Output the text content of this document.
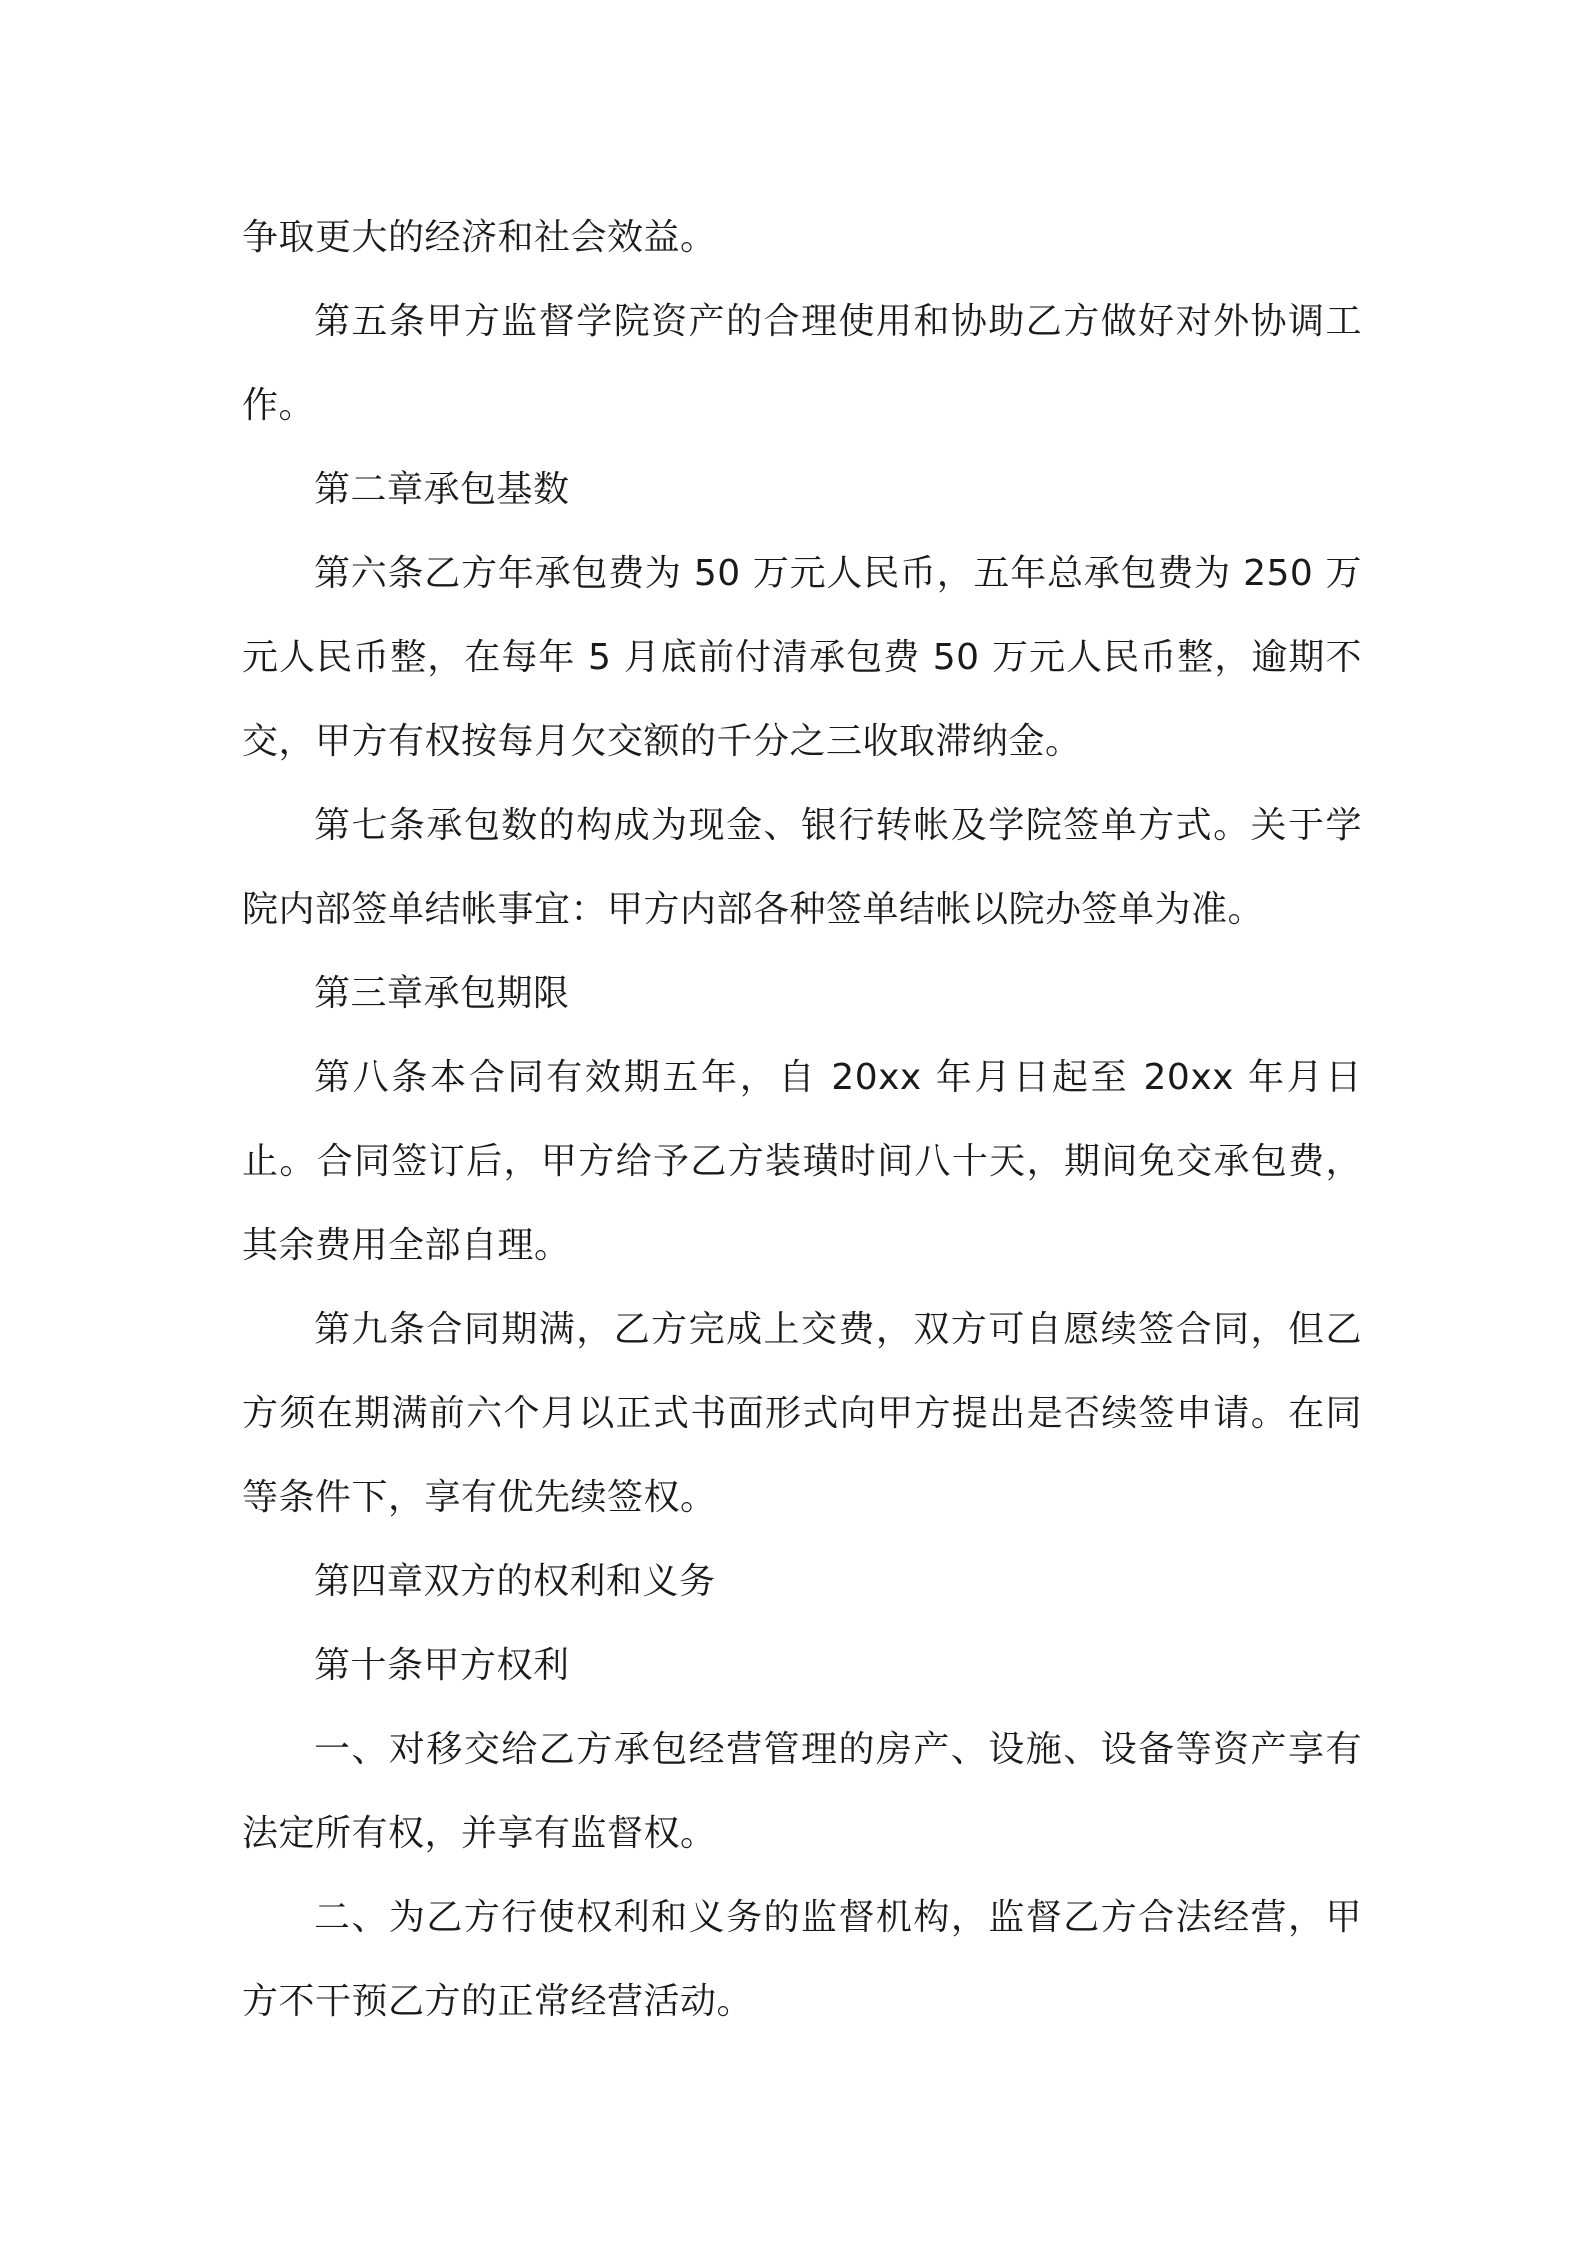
争取更大的经济和社会效益。

第五条甲方监督学院资产的合理使用和协助乙方做好对外协调工作。

第二章承包基数

第六条乙方年承包费为 50 万元人民币，五年总承包费为 250 万元人民币整，在每年 5 月底前付清承包费 50 万元人民币整，逾期不交，甲方有权按每月欠交额的千分之三收取滞纳金。

第七条承包数的构成为现金、银行转帐及学院签单方式。关于学院内部签单结帐事宜：甲方内部各种签单结帐以院办签单为准。

第三章承包期限

第八条本合同有效期五年，自 20xx 年月日起至 20xx 年月日止。合同签订后，甲方给予乙方装璜时间八十天，期间免交承包费，其余费用全部自理。

第九条合同期满，乙方完成上交费，双方可自愿续签合同，但乙方须在期满前六个月以正式书面形式向甲方提出是否续签申请。在同等条件下，享有优先续签权。

第四章双方的权利和义务

第十条甲方权利

一、对移交给乙方承包经营管理的房产、设施、设备等资产享有法定所有权，并享有监督权。

二、为乙方行使权利和义务的监督机构，监督乙方合法经营，甲方不干预乙方的正常经营活动。
